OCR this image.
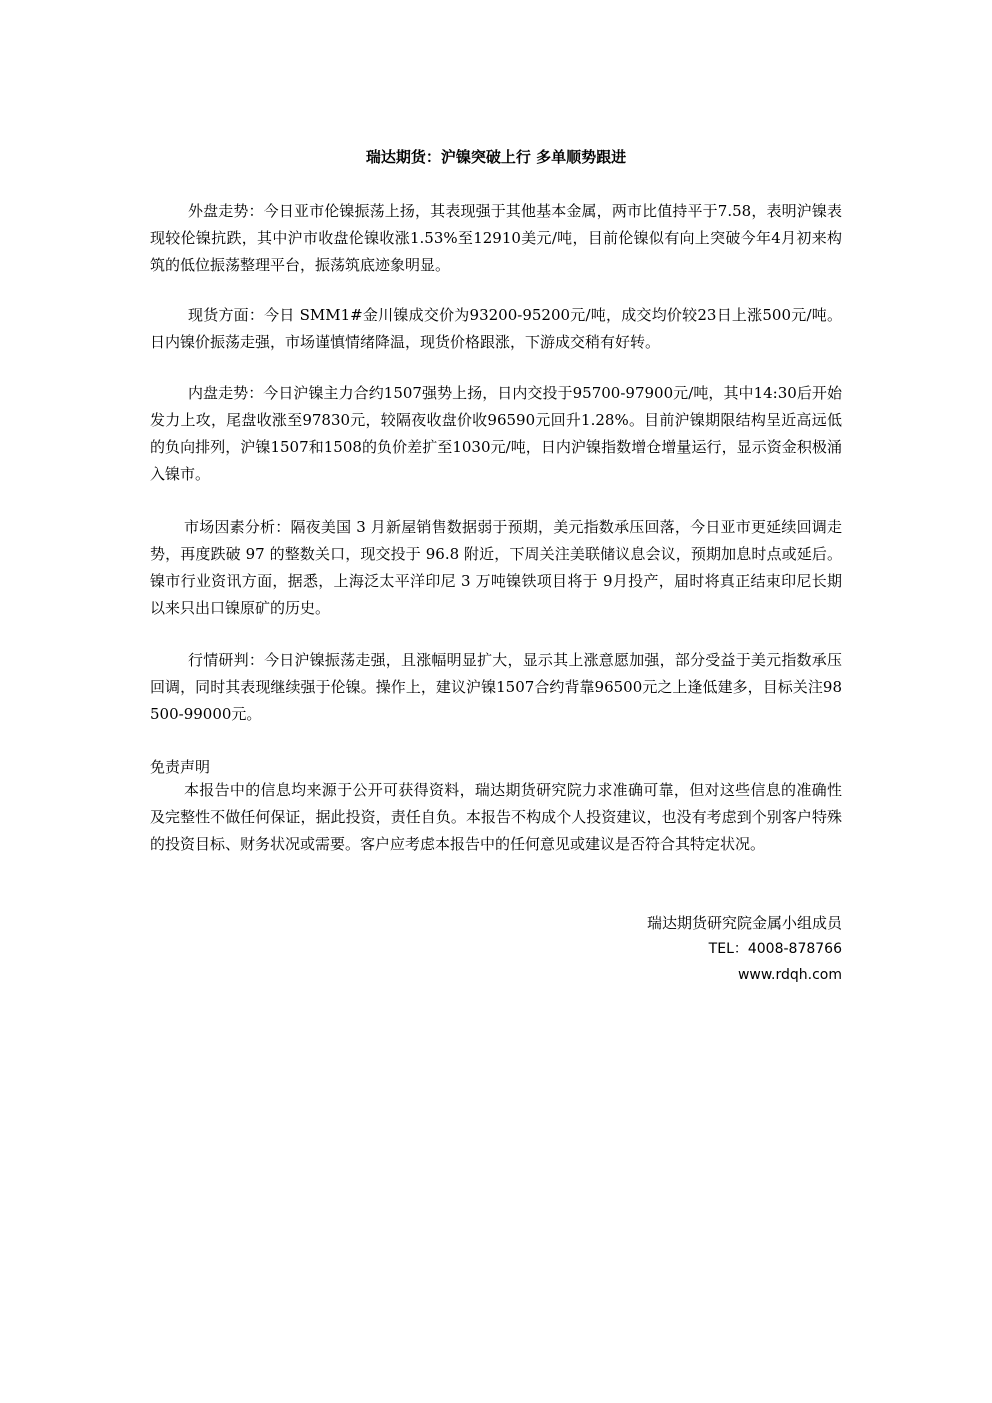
瑞达期货：沪镍突破上行 多单顺势跟进
外盘走势：今日亚市伦镍振荡上扬，其表现强于其他基本金属，两市比值持平于7.58，表明沪镍表现较伦镍抗跌，其中沪市收盘伦镍收涨1.53%至12910美元/吨，目前伦镍似有向上突破今年4月初来构筑的低位振荡整理平台，振荡筑底迹象明显。
现货方面：今日 SMM1#金川镍成交价为93200-95200元/吨，成交均价较23日上涨500元/吨。日内镍价振荡走强，市场谨慎情绪降温，现货价格跟涨，下游成交稍有好转。
内盘走势：今日沪镍主力合约1507强势上扬，日内交投于95700-97900元/吨，其中14:30后开始发力上攻，尾盘收涨至97830元，较隔夜收盘价收96590元回升1.28%。目前沪镍期限结构呈近高远低的负向排列，沪镍1507和1508的负价差扩至1030元/吨，日内沪镍指数增仓增量运行，显示资金积极涌入镍市。
市场因素分析：隔夜美国 3 月新屋销售数据弱于预期，美元指数承压回落，今日亚市更延续回调走势，再度跌破 97 的整数关口，现交投于 96.8 附近，下周关注美联储议息会议，预期加息时点或延后。镍市行业资讯方面，据悉，上海泛太平洋印尼 3 万吨镍铁项目将于 9月投产，届时将真正结束印尼长期以来只出口镍原矿的历史。
行情研判：今日沪镍振荡走强，且涨幅明显扩大，显示其上涨意愿加强，部分受益于美元指数承压回调，同时其表现继续强于伦镍。操作上，建议沪镍1507合约背靠96500元之上逢低建多，目标关注98500-99000元。
免责声明
本报告中的信息均来源于公开可获得资料，瑞达期货研究院力求准确可靠，但对这些信息的准确性及完整性不做任何保证，据此投资，责任自负。本报告不构成个人投资建议，也没有考虑到个别客户特殊的投资目标、财务状况或需要。客户应考虑本报告中的任何意见或建议是否符合其特定状况。
瑞达期货研究院金属小组成员
TEL：4008-878766
www.rdqh.com
